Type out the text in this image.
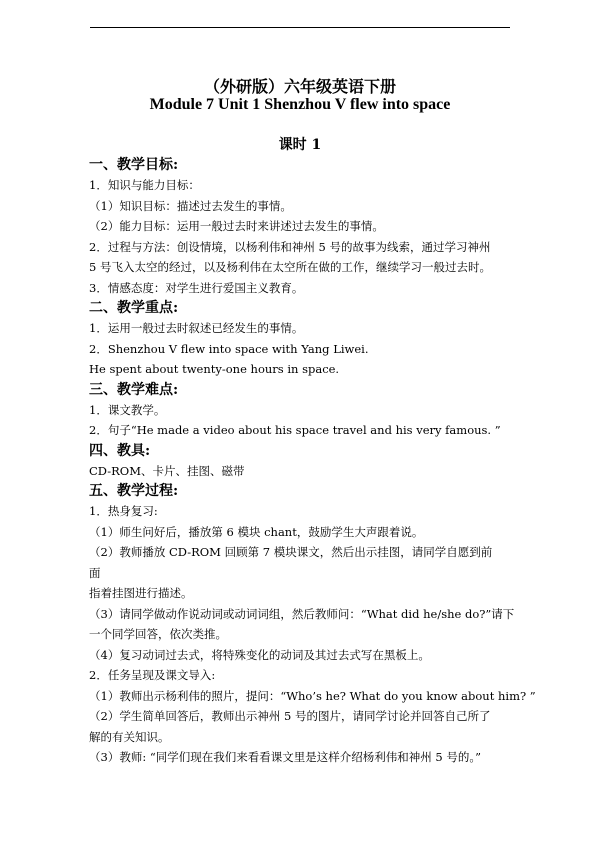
（外研版）六年级英语下册
Module 7 Unit 1 Shenzhou V flew into space
课时 1
一、教学目标:
1．知识与能力目标：
（1）知识目标：描述过去发生的事情。
（2）能力目标：运用一般过去时来讲述过去发生的事情。
2．过程与方法：创设情境，以杨利伟和神州 5 号的故事为线索，通过学习神州
5 号飞入太空的经过，以及杨利伟在太空所在做的工作，继续学习一般过去时。
3．情感态度：对学生进行爱国主义教育。
二、教学重点:
1．运用一般过去时叙述已经发生的事情。
2．Shenzhou V flew into space with Yang Liwei.
He spent about twenty-one hours in space.
三、教学难点:
1．课文教学。
2．句子“He made a video about his space travel and his very famous. ”
四、教具:
CD-ROM、卡片、挂图、磁带
五、教学过程:
1．热身复习:
（1）师生问好后，播放第 6 模块 chant，鼓励学生大声跟着说。
（2）教师播放 CD-ROM 回顾第 7 模块课文，然后出示挂图，请同学自愿到前
面
指着挂图进行描述。
（3）请同学做动作说动词或动词词组，然后教师问：“What did he/she do?”请下
一个同学回答，依次类推。
（4）复习动词过去式，将特殊变化的动词及其过去式写在黑板上。
2．任务呈现及课文导入:
（1）教师出示杨利伟的照片，提问：“Who’s he? What do you know about him? ”
（2）学生简单回答后，教师出示神州 5 号的图片，请同学讨论并回答自己所了
解的有关知识。
（3）教师: “同学们现在我们来看看课文里是这样介绍杨利伟和神州 5 号的。”
